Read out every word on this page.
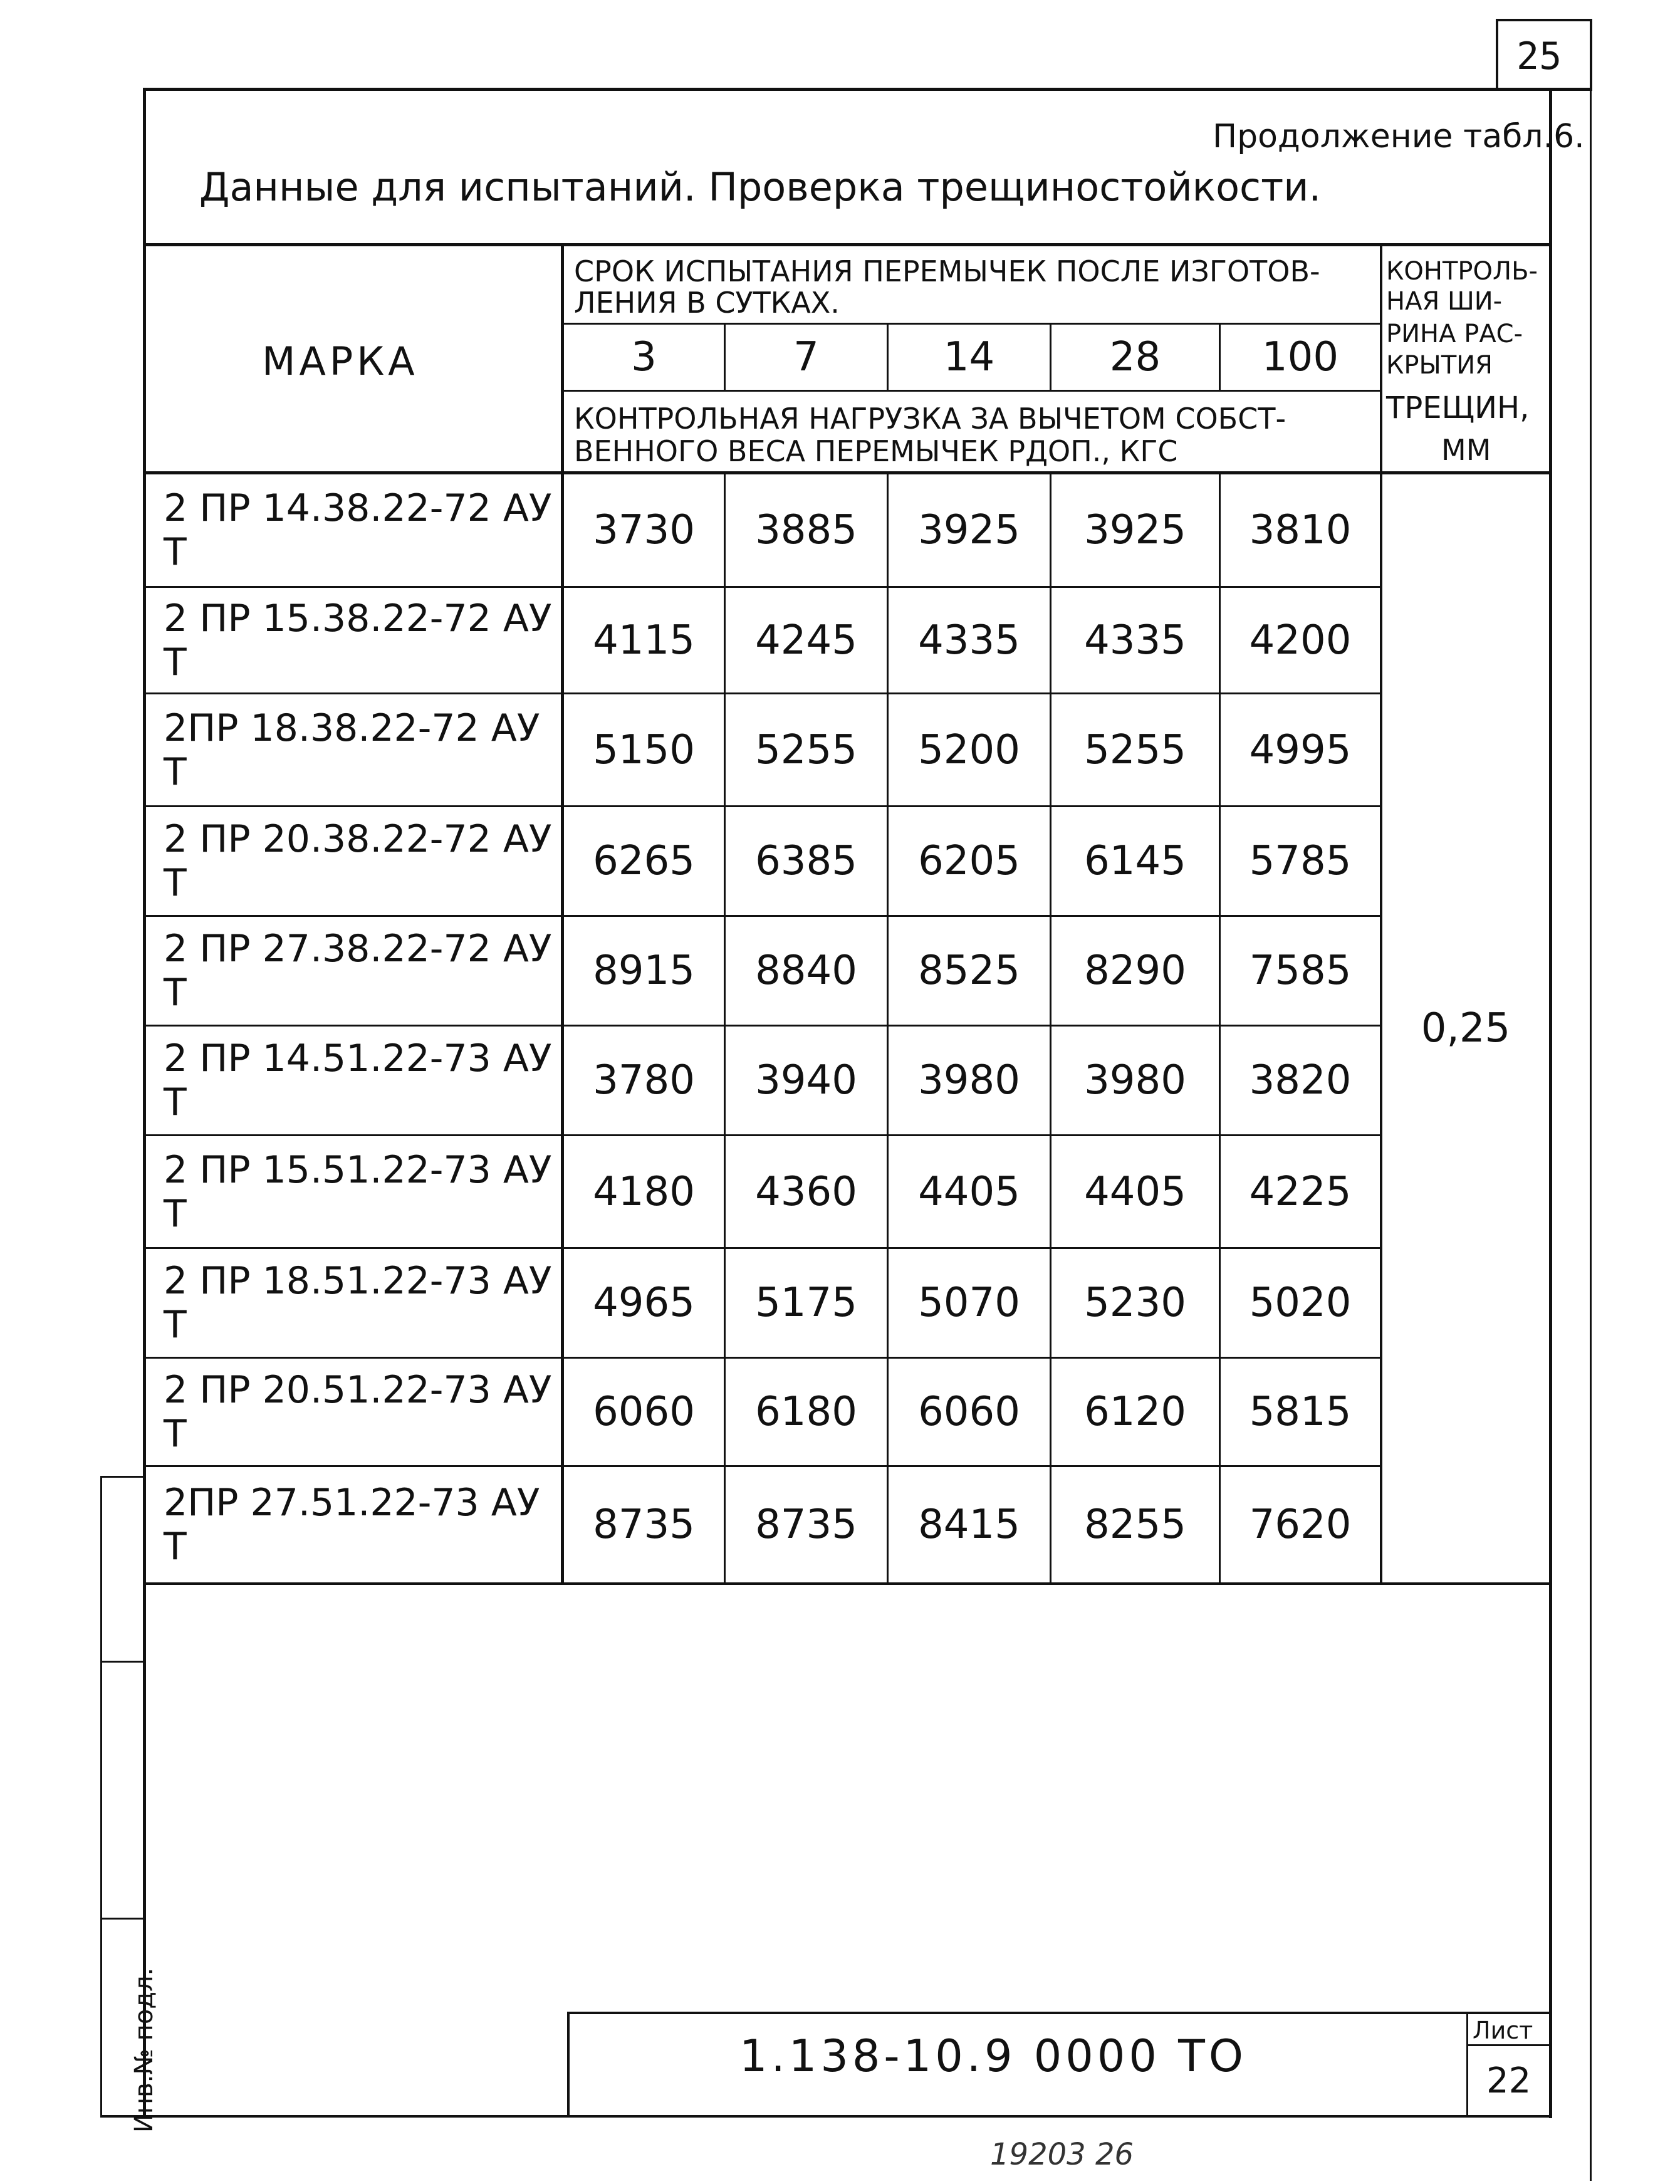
25
Инв.№ подл.
Продолжение табл.6.
Данные для испытаний. Проверка трещиностойкости.
МАРКА
СРОК ИСПЫТАНИЯ ПЕРЕМЫЧЕК ПОСЛЕ ИЗГОТОВ-
ЛЕНИЯ В СУТКАХ.
3	7	14	28	100
КОНТРОЛЬНАЯ НАГРУЗКА ЗА ВЫЧЕТОМ СОБСТ-
ВЕННОГО ВЕСА ПЕРЕМЫЧЕК РДОП., КГС
КОНТРОЛЬ-
НАЯ ШИ-
РИНА РАС-
КРЫТИЯ
ТРЕЩИН,
ММ
2 ПР 14.38.22-72 АУ Т	3730	3885	3925	3925	3810
2 ПР 15.38.22-72 АУ Т	4115	4245	4335	4335	4200
2ПР 18.38.22-72 АУ Т	5150	5255	5200	5255	4995
2 ПР 20.38.22-72 АУ Т	6265	6385	6205	6145	5785
2 ПР 27.38.22-72 АУ Т	8915	8840	8525	8290	7585
2 ПР 14.51.22-73 АУ Т	3780	3940	3980	3980	3820
2 ПР 15.51.22-73 АУ Т	4180	4360	4405	4405	4225
2 ПР 18.51.22-73 АУ Т	4965	5175	5070	5230	5020
2 ПР 20.51.22-73 АУ Т	6060	6180	6060	6120	5815
2ПР 27.51.22-73 АУ Т	8735	8735	8415	8255	7620
0,25
1.138-10.9 0000 ТО	Лист
22
19203 26
